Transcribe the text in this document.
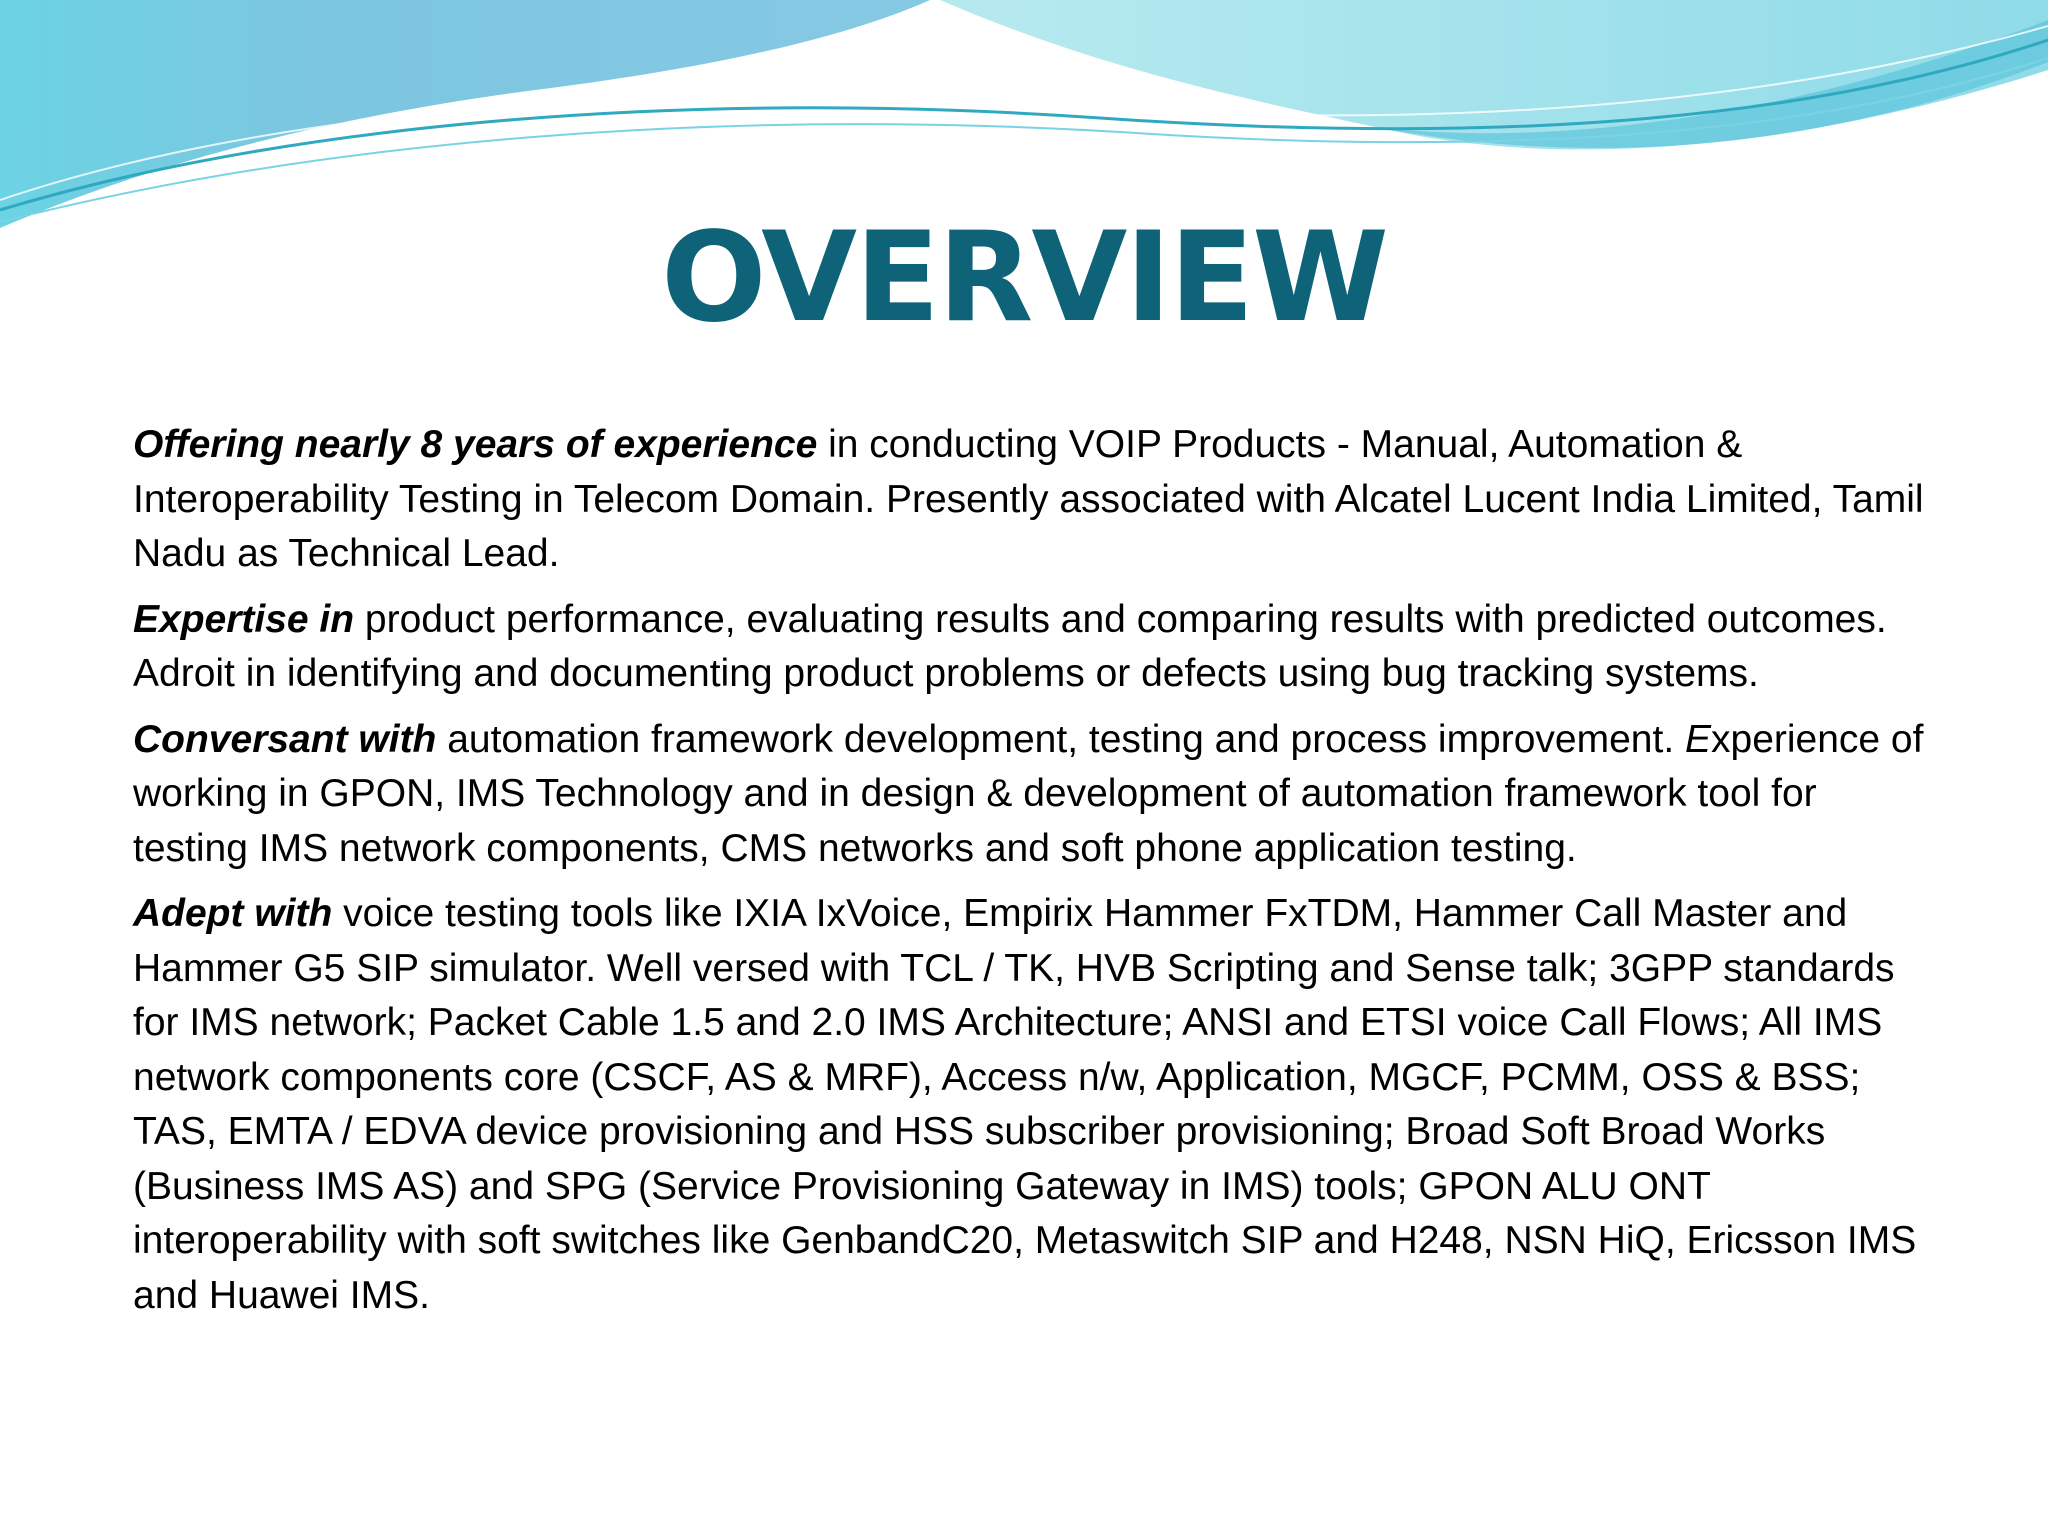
OVERVIEW

Offering nearly 8 years of experience in conducting VOIP Products - Manual, Automation & Interoperability Testing in Telecom Domain. Presently associated with Alcatel Lucent India Limited, Tamil Nadu as Technical Lead.

Expertise in product performance, evaluating results and comparing results with predicted outcomes. Adroit in identifying and documenting product problems or defects using bug tracking systems.

Conversant with automation framework development, testing and process improvement. Experience of working in GPON, IMS Technology and in design & development of automation framework tool for testing IMS network components, CMS networks and soft phone application testing.

Adept with voice testing tools like IXIA IxVoice, Empirix Hammer FxTDM, Hammer Call Master and Hammer G5 SIP simulator. Well versed with TCL / TK, HVB Scripting and Sense talk; 3GPP standards for IMS network; Packet Cable 1.5 and 2.0 IMS Architecture; ANSI and ETSI voice Call Flows; All IMS network components core (CSCF, AS & MRF), Access n/w, Application, MGCF, PCMM, OSS & BSS; TAS, EMTA / EDVA device provisioning and HSS subscriber provisioning; Broad Soft Broad Works (Business IMS AS) and SPG (Service Provisioning Gateway in IMS) tools; GPON ALU ONT interoperability with soft switches like GenbandC20, Metaswitch SIP and H248, NSN HiQ, Ericsson IMS and Huawei IMS.
